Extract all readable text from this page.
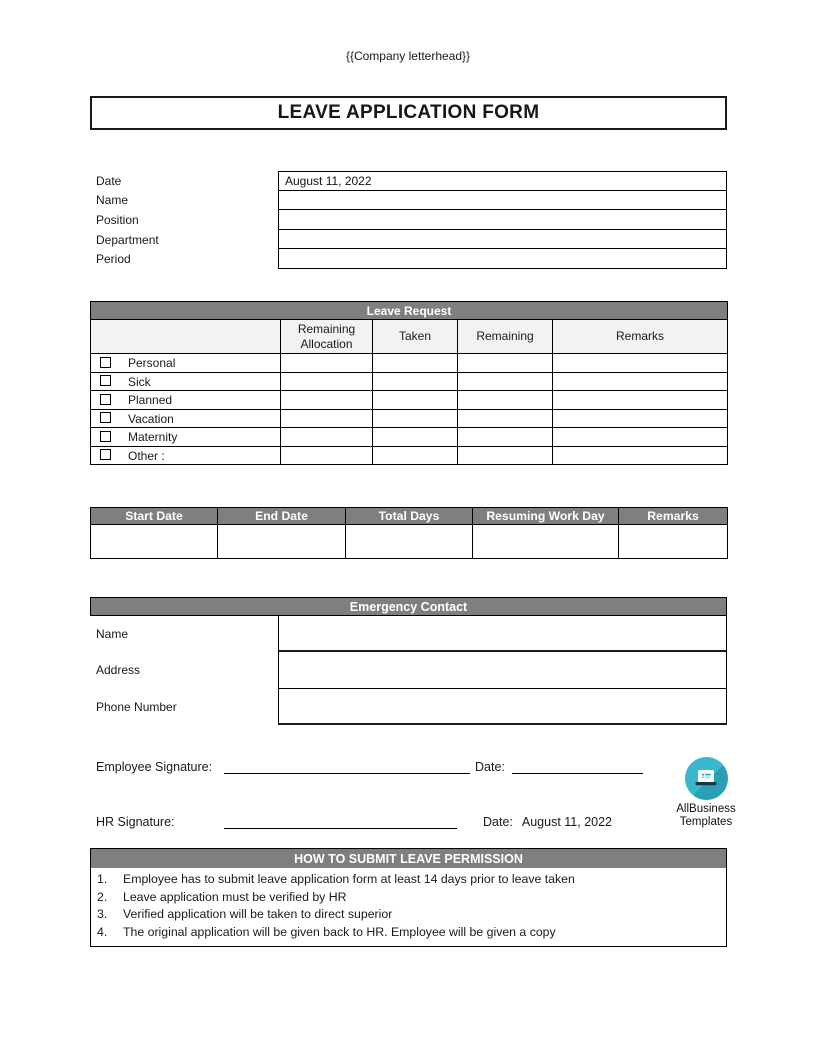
{{Company letterhead}}
LEAVE APPLICATION FORM
Date	August 11, 2022
Name
Position
Department
Period
Leave Request				
	Remaining Allocation	Taken	Remaining	Remarks
Personal				
Sick				
Planned				
Vacation				
Maternity				
Other :				
Start Date	End Date	Total Days	Resuming Work Day	Remarks

Emergency Contact
Name
Address
Phone Number
Employee Signature:	Date:
HR Signature:	Date: August 11, 2022
AllBusiness
Templates
HOW TO SUBMIT LEAVE PERMISSION
1.	Employee has to submit leave application form at least 14 days prior to leave taken
2.	Leave application must be verified by HR
3.	Verified application will be taken to direct superior
4.	The original application will be given back to HR. Employee will be given a copy
